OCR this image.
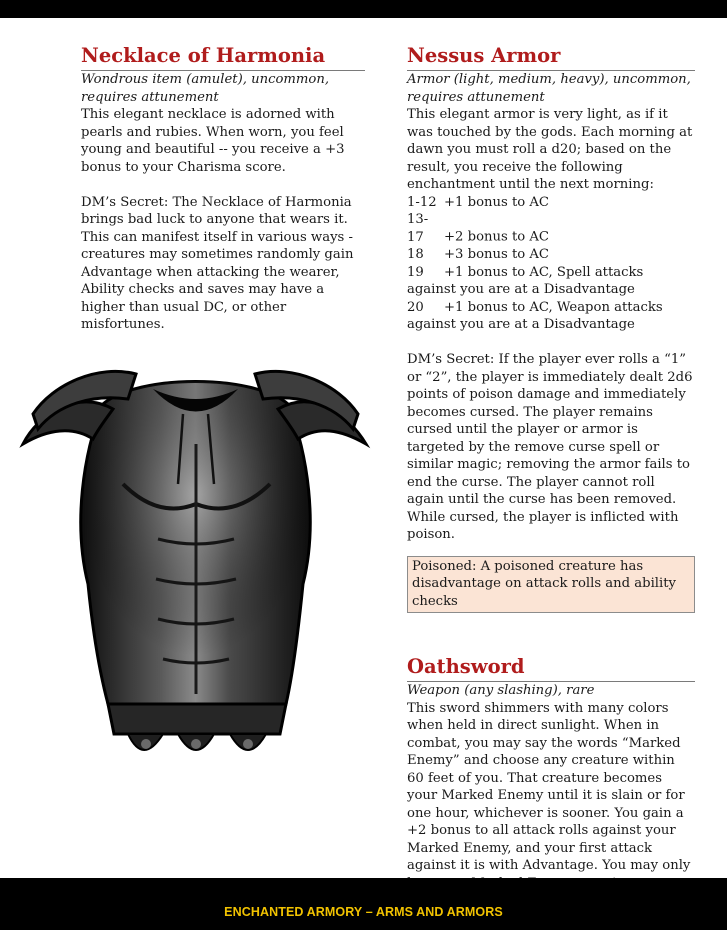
Necklace of Harmonia

Wondrous item (amulet), uncommon, requires attunement

This elegant necklace is adorned with pearls and rubies. When worn, you feel young and beautiful -- you receive a +3 bonus to your Charisma score.

DM’s Secret: The Necklace of Harmonia brings bad luck to anyone that wears it. This can manifest itself in various ways - creatures may sometimes randomly gain Advantage when attacking the wearer, Ability checks and saves may have a higher than usual DC, or other misfortunes.

Nessus Armor

Armor (light, medium, heavy), uncommon, requires attunement

This elegant armor is very light, as if it was touched by the gods. Each morning at dawn you must roll a d20; based on the result, you receive the following enchantment until the next morning:

1-12 +1 bonus to AC
13-17 +2 bonus to AC
18 +3 bonus to AC
19 +1 bonus to AC, Spell attacks against you are at a Disadvantage
20 +1 bonus to AC, Weapon attacks against you are at a Disadvantage

DM’s Secret: If the player ever rolls a “1” or “2”, the player is immediately dealt 2d6 points of poison damage and immediately becomes cursed. The player remains cursed until the player or armor is targeted by the remove curse spell or similar magic; removing the armor fails to end the curse. The player cannot roll again until the curse has been removed. While cursed, the player is inflicted with poison.

Poisoned: A poisoned creature has disadvantage on attack rolls and ability checks
Oathsword

Weapon (any slashing), rare

This sword shimmers with many colors when held in direct sunlight. When in combat, you may say the words “Marked Enemy” and choose any creature within 60 feet of you. That creature becomes your Marked Enemy until it is slain or for one hour, whichever is sooner. You gain a +2 bonus to all attack rolls against your Marked Enemy, and your first attack against it is with Advantage. You may only

ENCHANTED ARMORY – ARMS AND ARMORS
